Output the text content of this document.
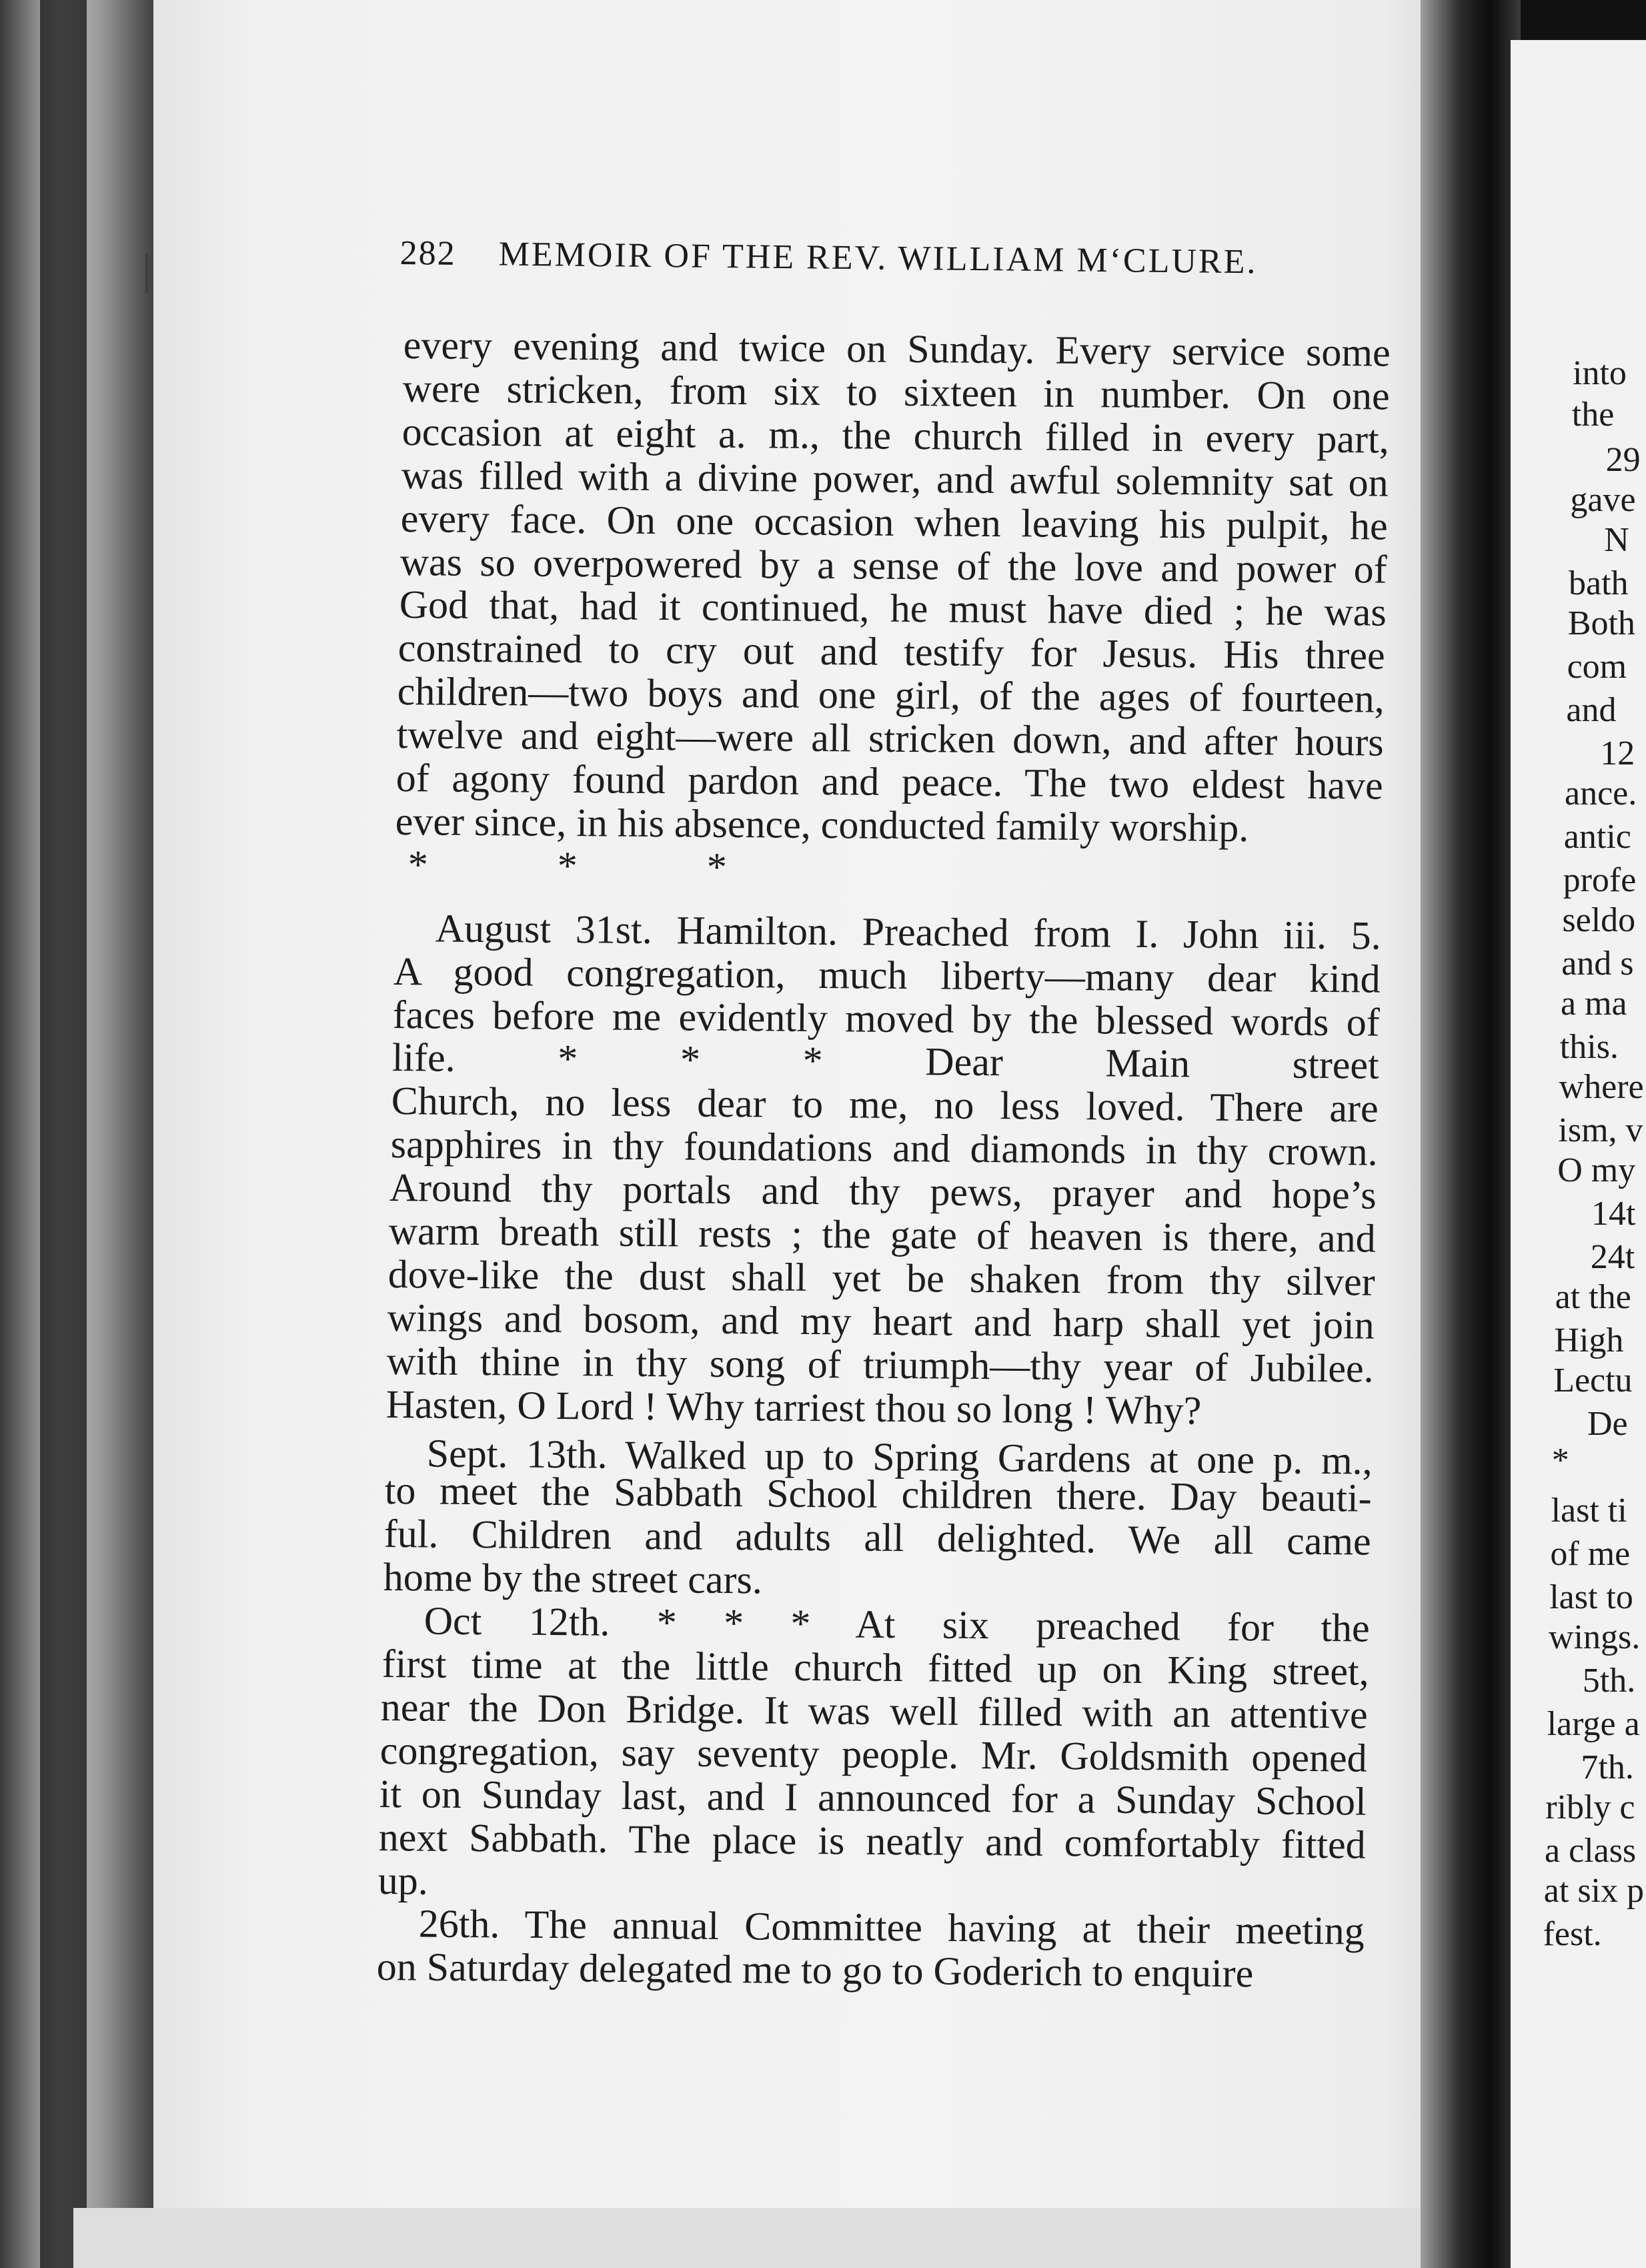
282 MEMOIR OF THE REV. WILLIAM M‘CLURE.
every evening and twice on Sunday. Every service some
were stricken, from six to sixteen in number. On one
occasion at eight a. m., the church filled in every part,
was filled with a divine power, and awful solemnity sat on
every face. On one occasion when leaving his pulpit, he
was so overpowered by a sense of the love and power of
God that, had it continued, he must have died ; he was
constrained to cry out and testify for Jesus. His three
children—two boys and one girl, of the ages of fourteen,
twelve and eight—were all stricken down, and after hours
of agony found pardon and peace. The two eldest have
ever since, in his absence, conducted family worship.
* * *
August 31st. Hamilton. Preached from I. John iii. 5.
A good congregation, much liberty—many dear kind
faces before me evidently moved by the blessed words of
life. * * * Dear Main street
Church, no less dear to me, no less loved. There are
sapphires in thy foundations and diamonds in thy crown.
Around thy portals and thy pews, prayer and hope’s
warm breath still rests ; the gate of heaven is there, and
dove-like the dust shall yet be shaken from thy silver
wings and bosom, and my heart and harp shall yet join
with thine in thy song of triumph—thy year of Jubilee.
Hasten, O Lord ! Why tarriest thou so long ! Why?
Sept. 13th. Walked up to Spring Gardens at one p. m.,
to meet the Sabbath School children there. Day beauti-
ful. Children and adults all delighted. We all came
home by the street cars.
Oct 12th. * * * At six preached for the
first time at the little church fitted up on King street,
near the Don Bridge. It was well filled with an attentive
congregation, say seventy people. Mr. Goldsmith opened
it on Sunday last, and I announced for a Sunday School
next Sabbath. The place is neatly and comfortably fitted
up.
26th. The annual Committee having at their meeting
on Saturday delegated me to go to Goderich to enquire
into
the
29
gave
N
bath
Both
com
and
12
ance.
antic
profe
seldo
and s
a ma
this.
where
ism, v
O my
14t
24t
at the
High
Lectu
De
*
last ti
of me
last to
wings.
5th.
large a
7th.
ribly c
a class
at six p
fest.
